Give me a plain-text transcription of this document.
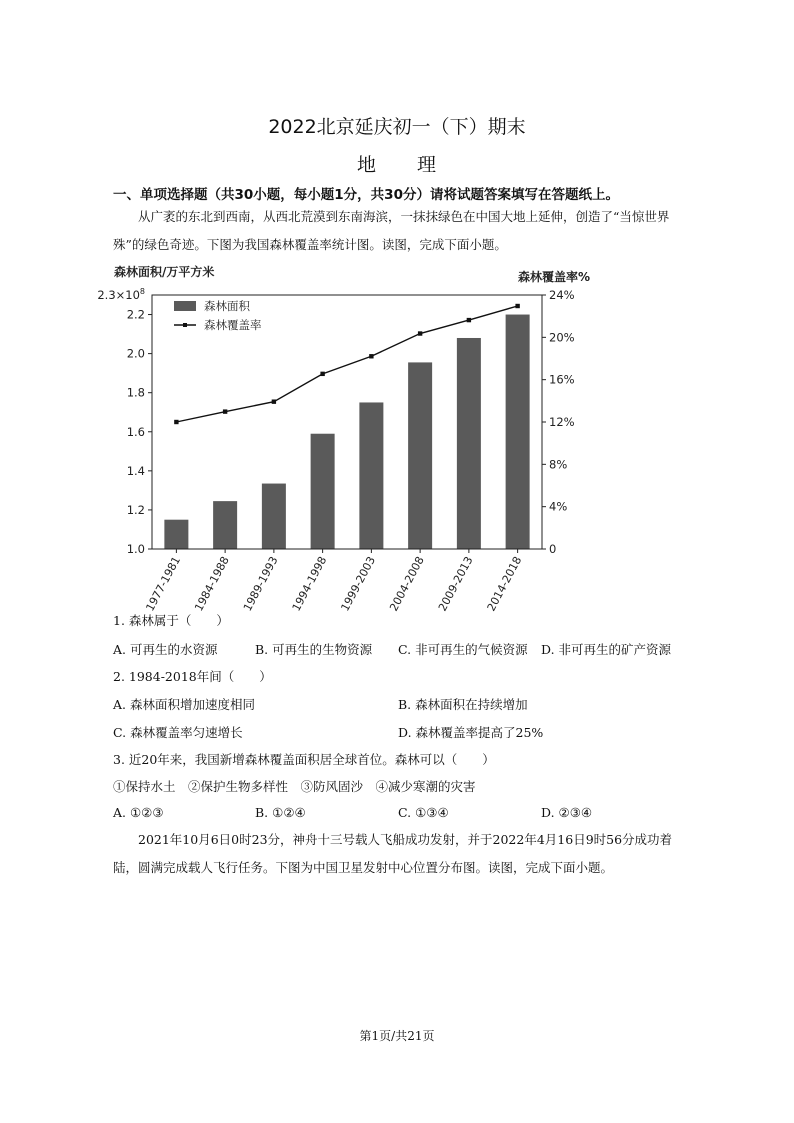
2022北京延庆初一（下）期末
地　　理
一、单项选择题（共30小题，每小题1分，共30分）请将试题答案填写在答题纸上。
从广袤的东北到西南，从西北荒漠到东南海滨，一抹抹绿色在中国大地上延伸，创造了“当惊世界殊”的绿色奇迹。下图为我国森林覆盖率统计图。读图，完成下面小题。
森林面积/万平方米	森林覆盖率%
1.0
1.2
1.4
1.6
1.8
2.0
2.2
$2.3\times 10^8$
0
4%
8%
12%
16%
20%
24%
1977-1981 1984-1988 1989-1993 1994-1998 1999-2003 2004-2008 2009-2013 2014-2018
森林面积
森林覆盖率
1. 森林属于（　　）
A. 可再生的水资源	B. 可再生的生物资源 C. 非可再生的气候资源 D. 非可再生的矿产资源
2. 1984-2018年间（　　）
A. 森林面积增加速度相同	B. 森林面积在持续增加
C. 森林覆盖率匀速增长	D. 森林覆盖率提高了25%
3. 近20年来，我国新增森林覆盖面积居全球首位。森林可以（　　）
①保持水土　②保护生物多样性　③防风固沙　④减少寒潮的灾害
A. ①②③	B. ①②④	C. ①③④	D. ②③④
2021年10月6日0时23分，神舟十三号载人飞船成功发射，并于2022年4月16日9时56分成功着陆，圆满完成载人飞行任务。下图为中国卫星发射中心位置分布图。读图，完成下面小题。
第1页/共21页
